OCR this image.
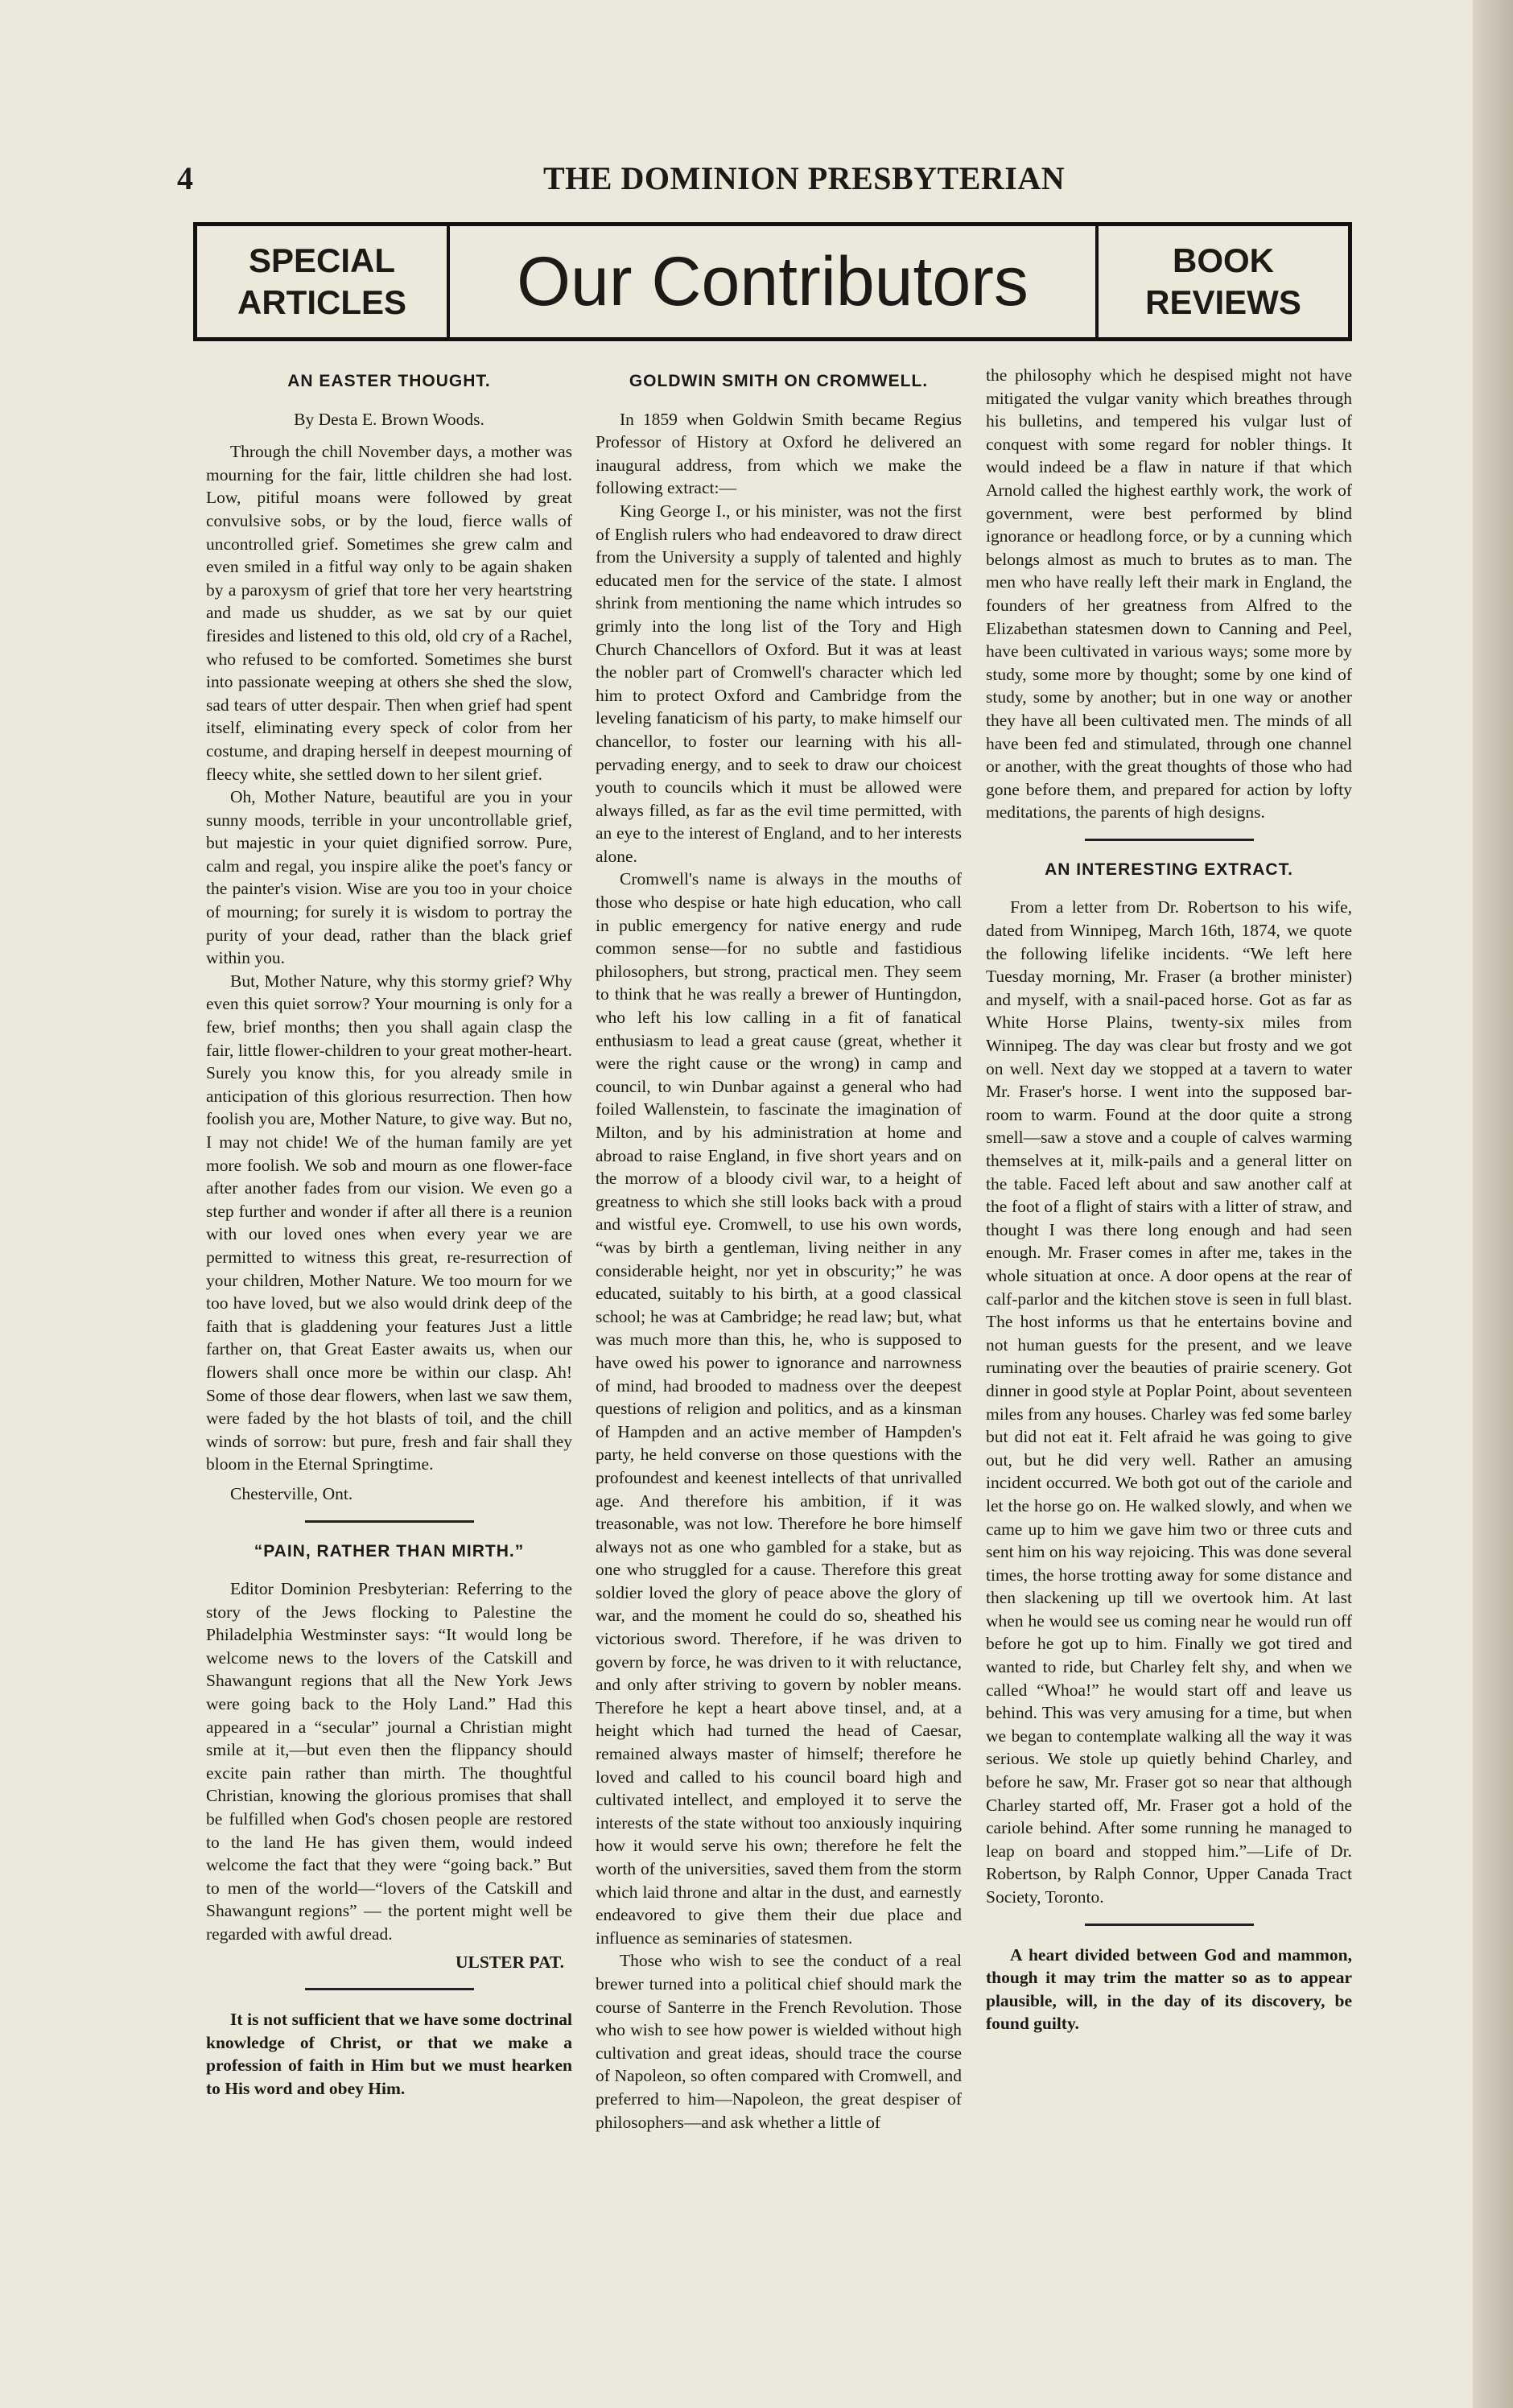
4	THE DOMINION PRESBYTERIAN
SPECIAL
ARTICLES	Our Contributors	BOOK
REVIEWS
AN EASTER THOUGHT.

By Desta E. Brown Woods.

Through the chill November days, a mother was mourning for the fair, little children she had lost. Low, pitiful moans were followed by great convulsive sobs, or by the loud, fierce walls of uncontrolled grief. Sometimes she grew calm and even smiled in a fitful way only to be again shaken by a paroxysm of grief that tore her very heartstring and made us shudder, as we sat by our quiet firesides and listened to this old, old cry of a Rachel, who refused to be comforted. Sometimes she burst into passionate weeping at others she shed the slow, sad tears of utter despair. Then when grief had spent itself, eliminating every speck of color from her costume, and draping herself in deepest mourning of fleecy white, she settled down to her silent grief.

Oh, Mother Nature, beautiful are you in your sunny moods, terrible in your uncontrollable grief, but majestic in your quiet dignified sorrow. Pure, calm and regal, you inspire alike the poet's fancy or the painter's vision. Wise are you too in your choice of mourning; for surely it is wisdom to portray the purity of your dead, rather than the black grief within you.

But, Mother Nature, why this stormy grief? Why even this quiet sorrow? Your mourning is only for a few, brief months; then you shall again clasp the fair, little flower-children to your great mother-heart. Surely you know this, for you already smile in anticipation of this glorious resurrection. Then how foolish you are, Mother Nature, to give way. But no, I may not chide! We of the human family are yet more foolish. We sob and mourn as one flower-face after another fades from our vision. We even go a step further and wonder if after all there is a reunion with our loved ones when every year we are permitted to witness this great, re-resurrection of your children, Mother Nature. We too mourn for we too have loved, but we also would drink deep of the faith that is gladdening your features Just a little farther on, that Great Easter awaits us, when our flowers shall once more be within our clasp. Ah! Some of those dear flowers, when last we saw them, were faded by the hot blasts of toil, and the chill winds of sorrow: but pure, fresh and fair shall they bloom in the Eternal Springtime.

Chesterville, Ont.

“PAIN, RATHER THAN MIRTH.”

Editor Dominion Presbyterian: Referring to the story of the Jews flocking to Palestine the Philadelphia Westminster says: “It would long be welcome news to the lovers of the Catskill and Shawangunt regions that all the New York Jews were going back to the Holy Land.” Had this appeared in a “secular” journal a Christian might smile at it,—but even then the flippancy should excite pain rather than mirth. The thoughtful Christian, knowing the glorious promises that shall be fulfilled when God's chosen people are restored to the land He has given them, would indeed welcome the fact that they were “going back.” But to men of the world—“lovers of the Catskill and Shawangunt regions” — the portent might well be regarded with awful dread.

ULSTER PAT.

It is not sufficient that we have some doctrinal knowledge of Christ, or that we make a profession of faith in Him but we must hearken to His word and obey Him.

GOLDWIN SMITH ON CROMWELL.

In 1859 when Goldwin Smith became Regius Professor of History at Oxford he delivered an inaugural address, from which we make the following extract:—

King George I., or his minister, was not the first of English rulers who had endeavored to draw direct from the University a supply of talented and highly educated men for the service of the state. I almost shrink from mentioning the name which intrudes so grimly into the long list of the Tory and High Church Chancellors of Oxford. But it was at least the nobler part of Cromwell's character which led him to protect Oxford and Cambridge from the leveling fanaticism of his party, to make himself our chancellor, to foster our learning with his all-pervading energy, and to seek to draw our choicest youth to councils which it must be allowed were always filled, as far as the evil time permitted, with an eye to the interest of England, and to her interests alone.

Cromwell's name is always in the mouths of those who despise or hate high education, who call in public emergency for native energy and rude common sense—for no subtle and fastidious philosophers, but strong, practical men. They seem to think that he was really a brewer of Huntingdon, who left his low calling in a fit of fanatical enthusiasm to lead a great cause (great, whether it were the right cause or the wrong) in camp and council, to win Dunbar against a general who had foiled Wallenstein, to fascinate the imagination of Milton, and by his administration at home and abroad to raise England, in five short years and on the morrow of a bloody civil war, to a height of greatness to which she still looks back with a proud and wistful eye. Cromwell, to use his own words, “was by birth a gentleman, living neither in any considerable height, nor yet in obscurity;” he was educated, suitably to his birth, at a good classical school; he was at Cambridge; he read law; but, what was much more than this, he, who is supposed to have owed his power to ignorance and narrowness of mind, had brooded to madness over the deepest questions of religion and politics, and as a kinsman of Hampden and an active member of Hampden's party, he held converse on those questions with the profoundest and keenest intellects of that unrivalled age. And therefore his ambition, if it was treasonable, was not low. Therefore he bore himself always not as one who gambled for a stake, but as one who struggled for a cause. Therefore this great soldier loved the glory of peace above the glory of war, and the moment he could do so, sheathed his victorious sword. Therefore, if he was driven to govern by force, he was driven to it with reluctance, and only after striving to govern by nobler means. Therefore he kept a heart above tinsel, and, at a height which had turned the head of Caesar, remained always master of himself; therefore he loved and called to his council board high and cultivated intellect, and employed it to serve the interests of the state without too anxiously inquiring how it would serve his own; therefore he felt the worth of the universities, saved them from the storm which laid throne and altar in the dust, and earnestly endeavored to give them their due place and influence as seminaries of statesmen.

Those who wish to see the conduct of a real brewer turned into a political chief should mark the course of Santerre in the French Revolution. Those who wish to see how power is wielded without high cultivation and great ideas, should trace the course of Napoleon, so often compared with Cromwell, and preferred to him—Napoleon, the great despiser of philosophers—and ask whether a little of

the philosophy which he despised might not have mitigated the vulgar vanity which breathes through his bulletins, and tempered his vulgar lust of conquest with some regard for nobler things. It would indeed be a flaw in nature if that which Arnold called the highest earthly work, the work of government, were best performed by blind ignorance or headlong force, or by a cunning which belongs almost as much to brutes as to man. The men who have really left their mark in England, the founders of her greatness from Alfred to the Elizabethan statesmen down to Canning and Peel, have been cultivated in various ways; some more by study, some more by thought; some by one kind of study, some by another; but in one way or another they have all been cultivated men. The minds of all have been fed and stimulated, through one channel or another, with the great thoughts of those who had gone before them, and prepared for action by lofty meditations, the parents of high designs.

AN INTERESTING EXTRACT.

From a letter from Dr. Robertson to his wife, dated from Winnipeg, March 16th, 1874, we quote the following lifelike incidents. “We left here Tuesday morning, Mr. Fraser (a brother minister) and myself, with a snail-paced horse. Got as far as White Horse Plains, twenty-six miles from Winnipeg. The day was clear but frosty and we got on well. Next day we stopped at a tavern to water Mr. Fraser's horse. I went into the supposed bar-room to warm. Found at the door quite a strong smell—saw a stove and a couple of calves warming themselves at it, milk-pails and a general litter on the table. Faced left about and saw another calf at the foot of a flight of stairs with a litter of straw, and thought I was there long enough and had seen enough. Mr. Fraser comes in after me, takes in the whole situation at once. A door opens at the rear of calf-parlor and the kitchen stove is seen in full blast. The host informs us that he entertains bovine and not human guests for the present, and we leave ruminating over the beauties of prairie scenery. Got dinner in good style at Poplar Point, about seventeen miles from any houses. Charley was fed some barley but did not eat it. Felt afraid he was going to give out, but he did very well. Rather an amusing incident occurred. We both got out of the cariole and let the horse go on. He walked slowly, and when we came up to him we gave him two or three cuts and sent him on his way rejoicing. This was done several times, the horse trotting away for some distance and then slackening up till we overtook him. At last when he would see us coming near he would run off before he got up to him. Finally we got tired and wanted to ride, but Charley felt shy, and when we called “Whoa!” he would start off and leave us behind. This was very amusing for a time, but when we began to contemplate walking all the way it was serious. We stole up quietly behind Charley, and before he saw, Mr. Fraser got so near that although Charley started off, Mr. Fraser got a hold of the cariole behind. After some running he managed to leap on board and stopped him.”—Life of Dr. Robertson, by Ralph Connor, Upper Canada Tract Society, Toronto.

A heart divided between God and mammon, though it may trim the matter so as to appear plausible, will, in the day of its discovery, be found guilty.
